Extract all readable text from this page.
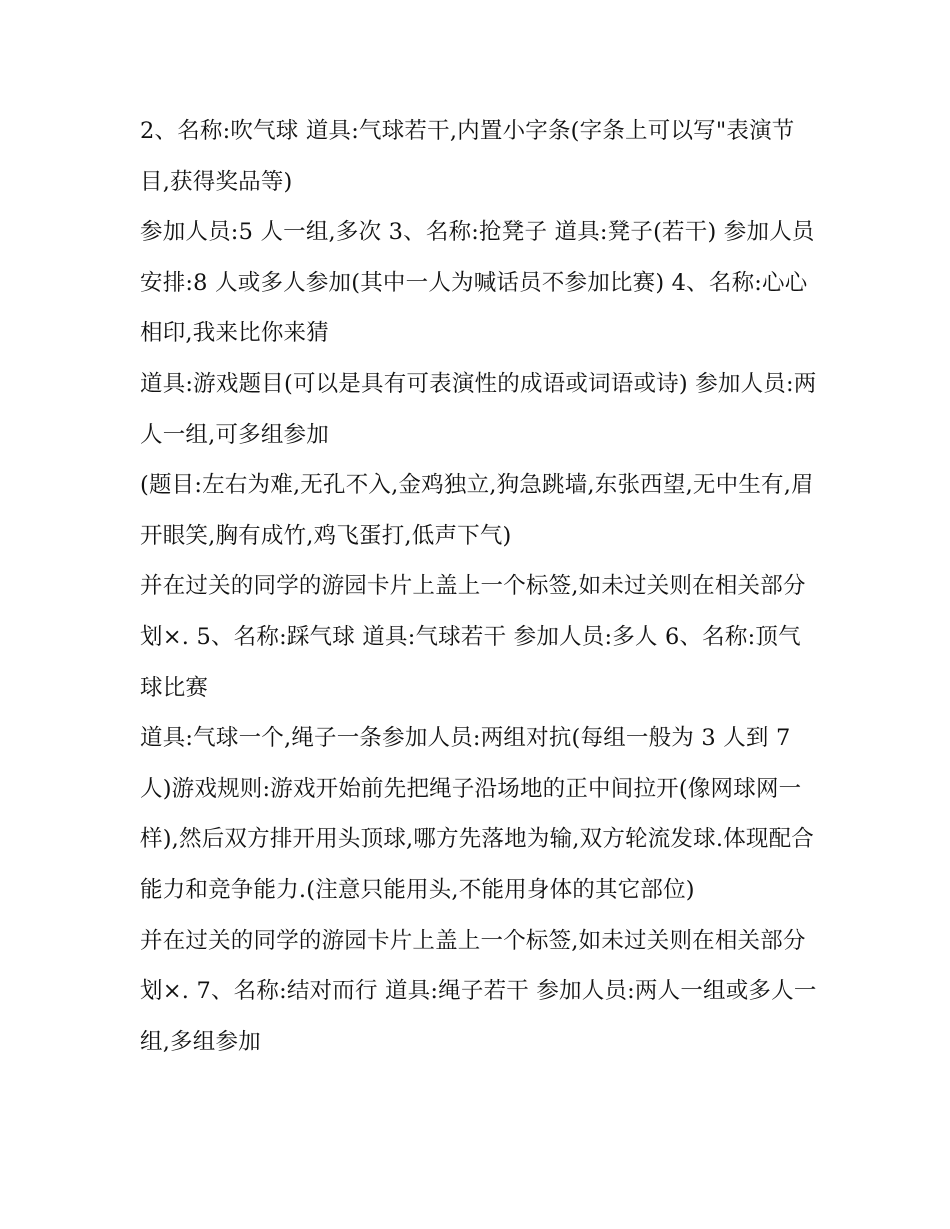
2、名称:吹气球 道具:气球若干,内置小字条(字条上可以写"表演节目,获得奖品等)

参加人员:5 人一组,多次 3、名称:抢凳子 道具:凳子(若干) 参加人员安排:8 人或多人参加(其中一人为喊话员不参加比赛) 4、名称:心心相印,我来比你来猜

道具:游戏题目(可以是具有可表演性的成语或词语或诗) 参加人员:两人一组,可多组参加

(题目:左右为难,无孔不入,金鸡独立,狗急跳墙,东张西望,无中生有,眉开眼笑,胸有成竹,鸡飞蛋打,低声下气)

并在过关的同学的游园卡片上盖上一个标签,如未过关则在相关部分划×. 5、名称:踩气球 道具:气球若干 参加人员:多人 6、名称:顶气球比赛

道具:气球一个,绳子一条参加人员:两组对抗(每组一般为 3 人到 7 人)游戏规则:游戏开始前先把绳子沿场地的正中间拉开(像网球网一样),然后双方排开用头顶球,哪方先落地为输,双方轮流发球.体现配合能力和竞争能力.(注意只能用头,不能用身体的其它部位)

并在过关的同学的游园卡片上盖上一个标签,如未过关则在相关部分划×. 7、名称:结对而行 道具:绳子若干 参加人员:两人一组或多人一组,多组参加
